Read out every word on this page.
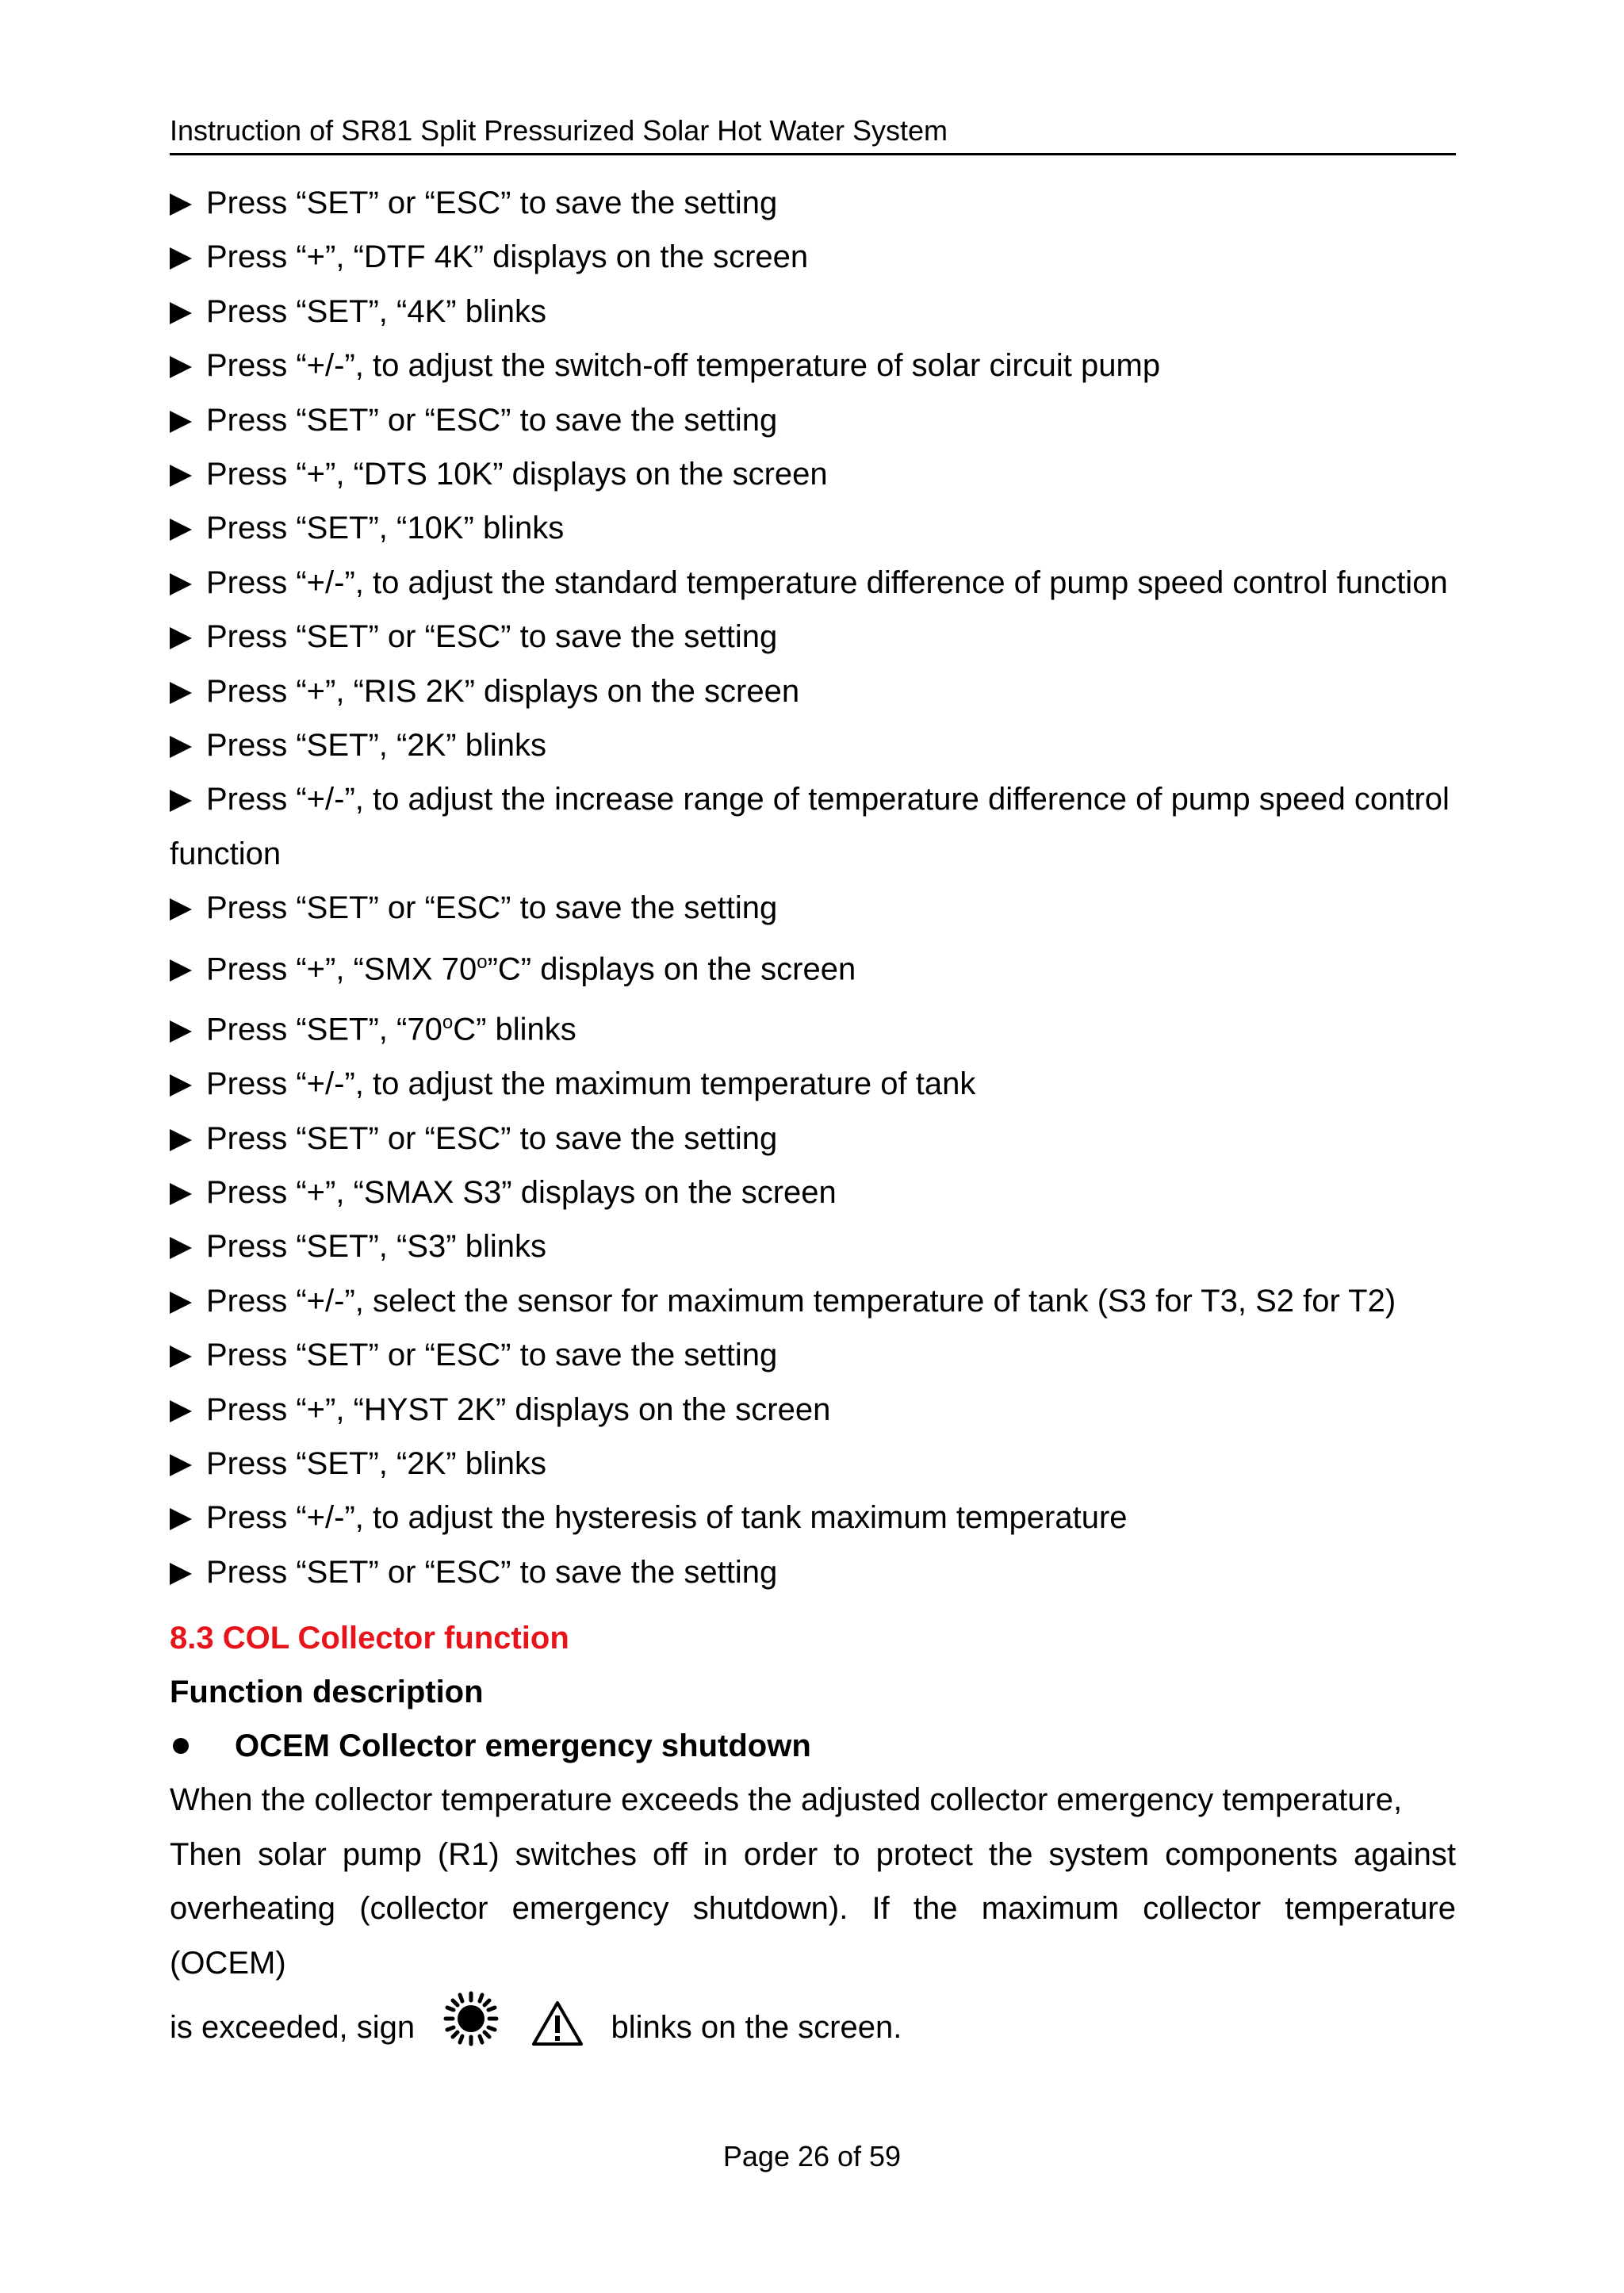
Instruction of SR81 Split Pressurized Solar Hot Water System
Press “SET” or “ESC” to save the setting
Press “+”, “DTF 4K” displays on the screen
Press “SET”, “4K” blinks
Press “+/-”, to adjust the switch-off temperature of solar circuit pump
Press “SET” or “ESC” to save the setting
Press “+”, “DTS 10K” displays on the screen
Press “SET”, “10K” blinks
Press “+/-”, to adjust the standard temperature difference of pump speed control function
Press “SET” or “ESC” to save the setting
Press “+”, “RIS 2K” displays on the screen
Press “SET”, “2K” blinks
Press “+/-”, to adjust the increase range of temperature difference of pump speed control function
Press “SET” or “ESC” to save the setting
Press “+”, “SMX 70$^o$”C” displays on the screen
Press “SET”, “70$^o$C” blinks
Press “+/-”, to adjust the maximum temperature of tank
Press “SET” or “ESC” to save the setting
Press “+”, “SMAX S3” displays on the screen
Press “SET”, “S3” blinks
Press “+/-”, select the sensor for maximum temperature of tank (S3 for T3, S2 for T2)
Press “SET” or “ESC” to save the setting
Press “+”, “HYST 2K” displays on the screen
Press “SET”, “2K” blinks
Press “+/-”, to adjust the hysteresis of tank maximum temperature
Press “SET” or “ESC” to save the setting
8.3 COL Collector function
Function description
OCEM Collector emergency shutdown
When the collector temperature exceeds the adjusted collector emergency temperature,
Then solar pump (R1) switches off in order to protect the system components against
overheating (collector emergency shutdown). If the maximum collector temperature (OCEM)
is exceeded, sign	blinks on the screen.
Page 26 of 59
